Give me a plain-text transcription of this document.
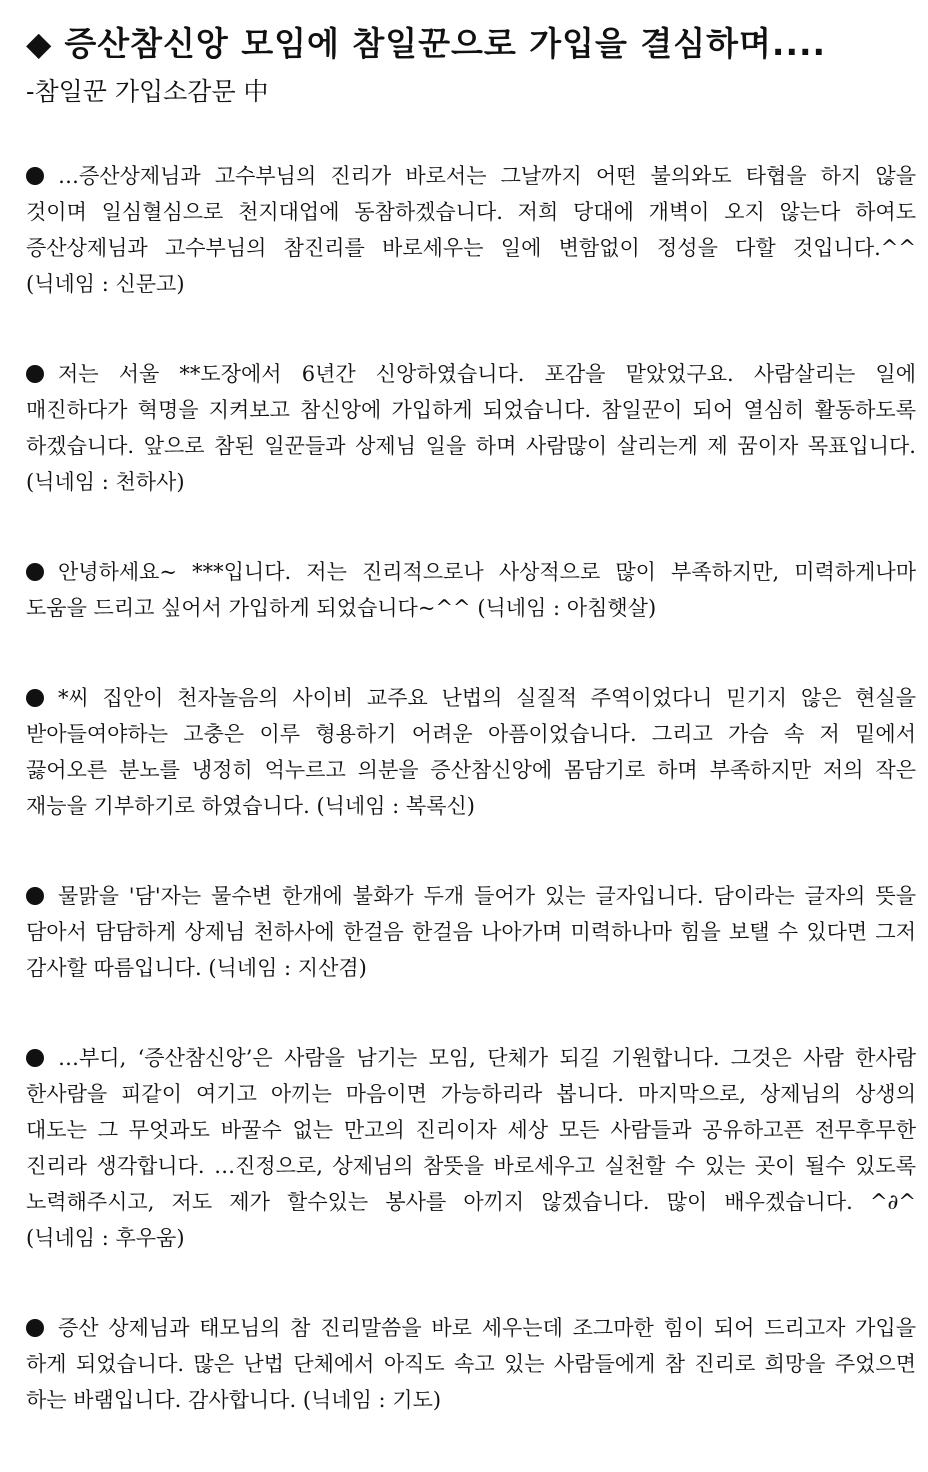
◆ 증산참신앙 모임에 참일꾼으로 가입을 결심하며....
-참일꾼 가입소감문 中

…증산상제님과 고수부님의 진리가 바로서는 그날까지 어떤 불의와도 타협을 하지 않을 것이며 일심혈심으로 천지대업에 동참하겠습니다. 저희 당대에 개벽이 오지 않는다 하여도 증산상제님과 고수부님의 참진리를 바로세우는 일에 변함없이 정성을 다할 것입니다.^^ (닉네임 : 신문고)

저는 서울 **도장에서 6년간 신앙하였습니다. 포감을 맡았었구요. 사람살리는 일에 매진하다가 혁명을 지켜보고 참신앙에 가입하게 되었습니다. 참일꾼이 되어 열심히 활동하도록 하겠습니다. 앞으로 참된 일꾼들과 상제님 일을 하며 사람많이 살리는게 제 꿈이자 목표입니다. (닉네임 : 천하사)

안녕하세요~ ***입니다. 저는 진리적으로나 사상적으로 많이 부족하지만, 미력하게나마 도움을 드리고 싶어서 가입하게 되었습니다~^^ (닉네임 : 아침햇살)

*씨 집안이 천자놀음의 사이비 교주요 난법의 실질적 주역이었다니 믿기지 않은 현실을 받아들여야하는 고충은 이루 형용하기 어려운 아픔이었습니다. 그리고 가슴 속 저 밑에서 끓어오른 분노를 냉정히 억누르고 의분을 증산참신앙에 몸담기로 하며 부족하지만 저의 작은 재능을 기부하기로 하였습니다. (닉네임 : 복록신)

물맑을 '담'자는 물수변 한개에 불화가 두개 들어가 있는 글자입니다. 담이라는 글자의 뜻을 담아서 담담하게 상제님 천하사에 한걸음 한걸음 나아가며 미력하나마 힘을 보탤 수 있다면 그저 감사할 따름입니다. (닉네임 : 지산겸)

…부디, ‘증산참신앙’은 사람을 남기는 모임, 단체가 되길 기원합니다. 그것은 사람 한사람 한사람을 피같이 여기고 아끼는 마음이면 가능하리라 봅니다. 마지막으로, 상제님의 상생의 대도는 그 무엇과도 바꿀수 없는 만고의 진리이자 세상 모든 사람들과 공유하고픈 전무후무한 진리라 생각합니다. …진정으로, 상제님의 참뜻을 바로세우고 실천할 수 있는 곳이 될수 있도록 노력해주시고, 저도 제가 할수있는 봉사를 아끼지 않겠습니다. 많이 배우겠습니다. ^∂^ (닉네임 : 후우움)

증산 상제님과 태모님의 참 진리말씀을 바로 세우는데 조그마한 힘이 되어 드리고자 가입을 하게 되었습니다. 많은 난법 단체에서 아직도 속고 있는 사람들에게 참 진리로 희망을 주었으면 하는 바램입니다. 감사합니다. (닉네임 : 기도)
